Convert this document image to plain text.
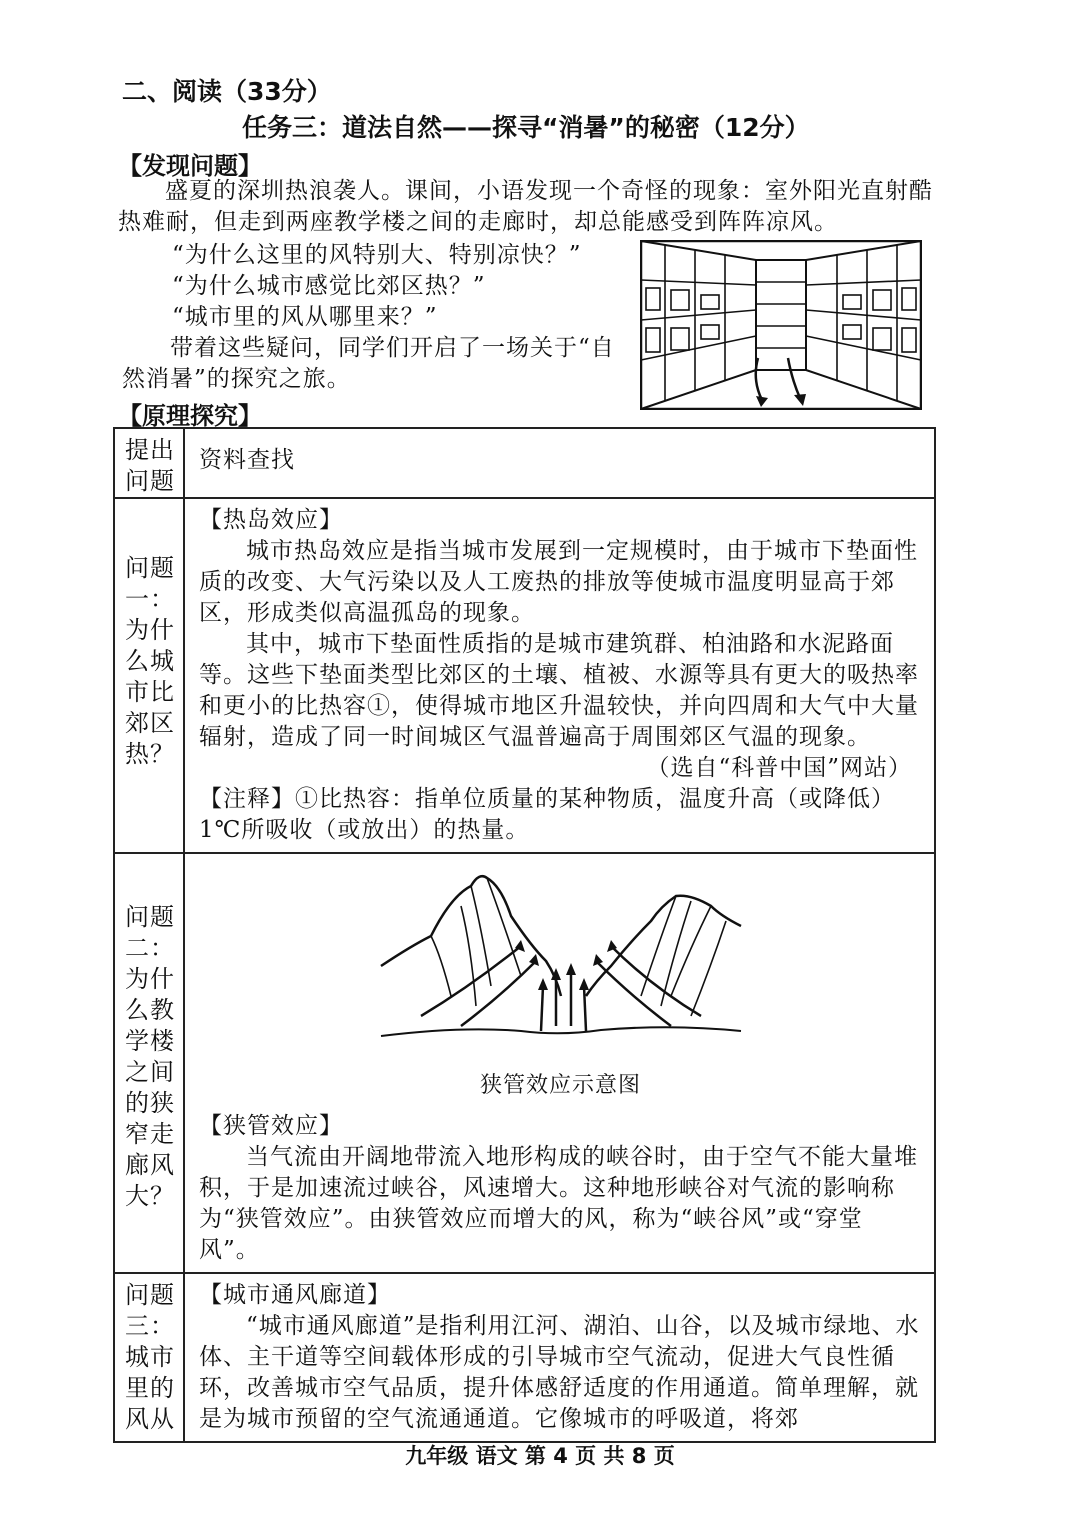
二、阅读（33分）
任务三：道法自然——探寻“消暑”的秘密（12分）
【发现问题】
盛夏的深圳热浪袭人。课间，小语发现一个奇怪的现象：室外阳光直射酷热难耐，但走到两座教学楼之间的走廊时，却总能感受到阵阵凉风。
“为什么这里的风特别大、特别凉快？”
“为什么城市感觉比郊区热？”
“城市里的风从哪里来？”
带着这些疑问，同学们开启了一场关于“自然消暑”的探究之旅。
【原理探究】
提出问题	资料查找
问题一：为什么城市比郊区热？	【热岛效应】
城市热岛效应是指当城市发展到一定规模时，由于城市下垫面性质的改变、大气污染以及人工废热的排放等使城市温度明显高于郊区，形成类似高温孤岛的现象。
其中，城市下垫面性质指的是城市建筑群、柏油路和水泥路面等。这些下垫面类型比郊区的土壤、植被、水源等具有更大的吸热率和更小的比热容①，使得城市地区升温较快，并向四周和大气中大量辐射，造成了同一时间城区气温普遍高于周围郊区气温的现象。
（选自“科普中国”网站）
【注释】①比热容：指单位质量的某种物质，温度升高（或降低）1℃所吸收（或放出）的热量。

问题二：为什么教学楼之间的狭窄走廊风大？	狭管效应示意图
【狭管效应】
当气流由开阔地带流入地形构成的峡谷时，由于空气不能大量堆积，于是加速流过峡谷，风速增大。这种地形峡谷对气流的影响称为“狭管效应”。由狭管效应而增大的风，称为“峡谷风”或“穿堂风”。

问题三：城市里的风从	【城市通风廊道】
“城市通风廊道”是指利用江河、湖泊、山谷，以及城市绿地、水体、主干道等空间载体形成的引导城市空气流动，促进大气良性循环，改善城市空气品质，提升体感舒适度的作用通道。简单理解，就是为城市预留的空气流通通道。它像城市的呼吸道，将郊
九年级 语文 第 4 页 共 8 页
